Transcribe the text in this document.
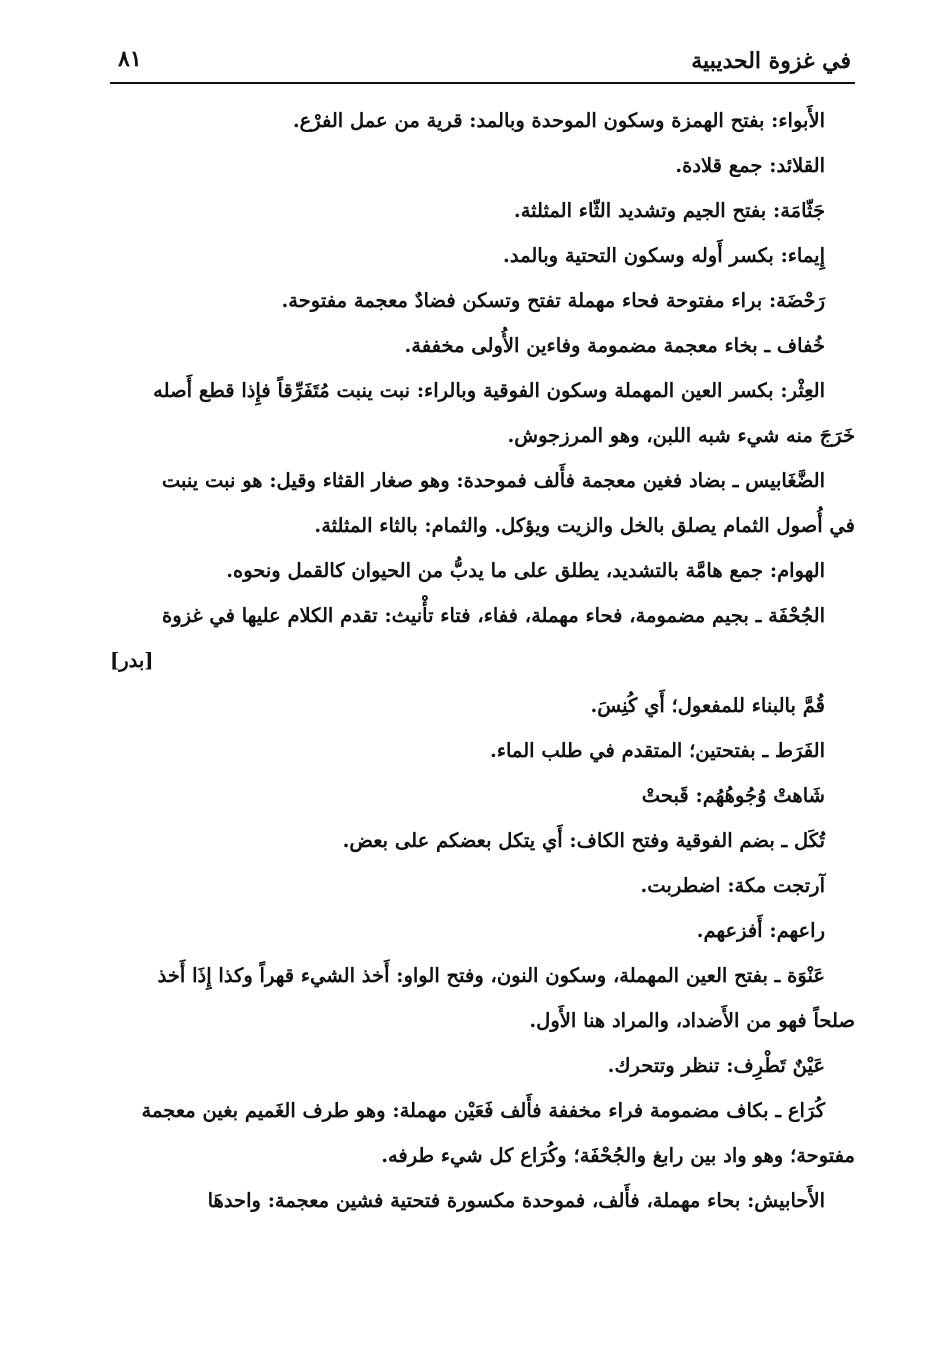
في غزوة الحديبية
٨١

الأَبواء: بفتح الهمزة وسكون الموحدة وبالمد: قرية من عمل الفرْع.

القلائد: جمع قلادة.

جَثّامَة: بفتح الجيم وتشديد الثّاء المثلثة.

إِيماء: بكسر أَوله وسكون التحتية وبالمد.

رَحْضَة: براء مفتوحة فحاء مهملة تفتح وتسكن فضادٌ معجمة مفتوحة.

خُفاف ـ بخاء معجمة مضمومة وفاءين الأُولى مخففة.

العِثْر: بكسر العين المهملة وسكون الفوقية وبالراء: نبت ينبت مُتَفَرِّقاً فإِذا قطع أَصله

خَرَجَ منه شيء شبه اللبن، وهو المرزجوش.

الضَّغَابيس ـ بضاد فغين معجمة فأَلف فموحدة: وهو صغار القثاء وقيل: هو نبت ينبت

في أُصول الثمام يصلق بالخل والزيت ويؤكل. والثمام: بالثاء المثلثة.

الهوام: جمع هامَّة بالتشديد، يطلق على ما يدبُّ من الحيوان كالقمل ونحوه.

الجُحْفَة ـ بجيم مضمومة، فحاء مهملة، ففاء، فتاء تأْنيث: تقدم الكلام عليها في غزوة

[بدر]

قُمَّ بالبناء للمفعول؛ أَي كُنِسَ.

الفَرَط ـ بفتحتين؛ المتقدم في طلب الماء.

شَاهتْ وُجُوهُهُم: قَبحتْ

تُكَل ـ بضم الفوقية وفتح الكاف: أَي يتكل بعضكم على بعض.

آرتجت مكة: اضطربت.

راعهم: أَفزعهم.

عَنْوَة ـ بفتح العين المهملة، وسكون النون، وفتح الواو: أَخذ الشيء قهراً وكذا إِذَا أَخذ

صلحاً فهو من الأَضداد، والمراد هنا الأَول.

عَيْنٌ تَطْرِف: تنظر وتتحرك.

كُرَاع ـ بكاف مضمومة فراء مخففة فأَلف فَعَيْن مهملة: وهو طرف الغَميم بغين معجمة

مفتوحة؛ وهو واد بين رابغ والجُحْفَة؛ وكُرَاع كل شيء طرفه.

الأَحابيش: بحاء مهملة، فأَلف، فموحدة مكسورة فتحتية فشين معجمة: واحدهَا
